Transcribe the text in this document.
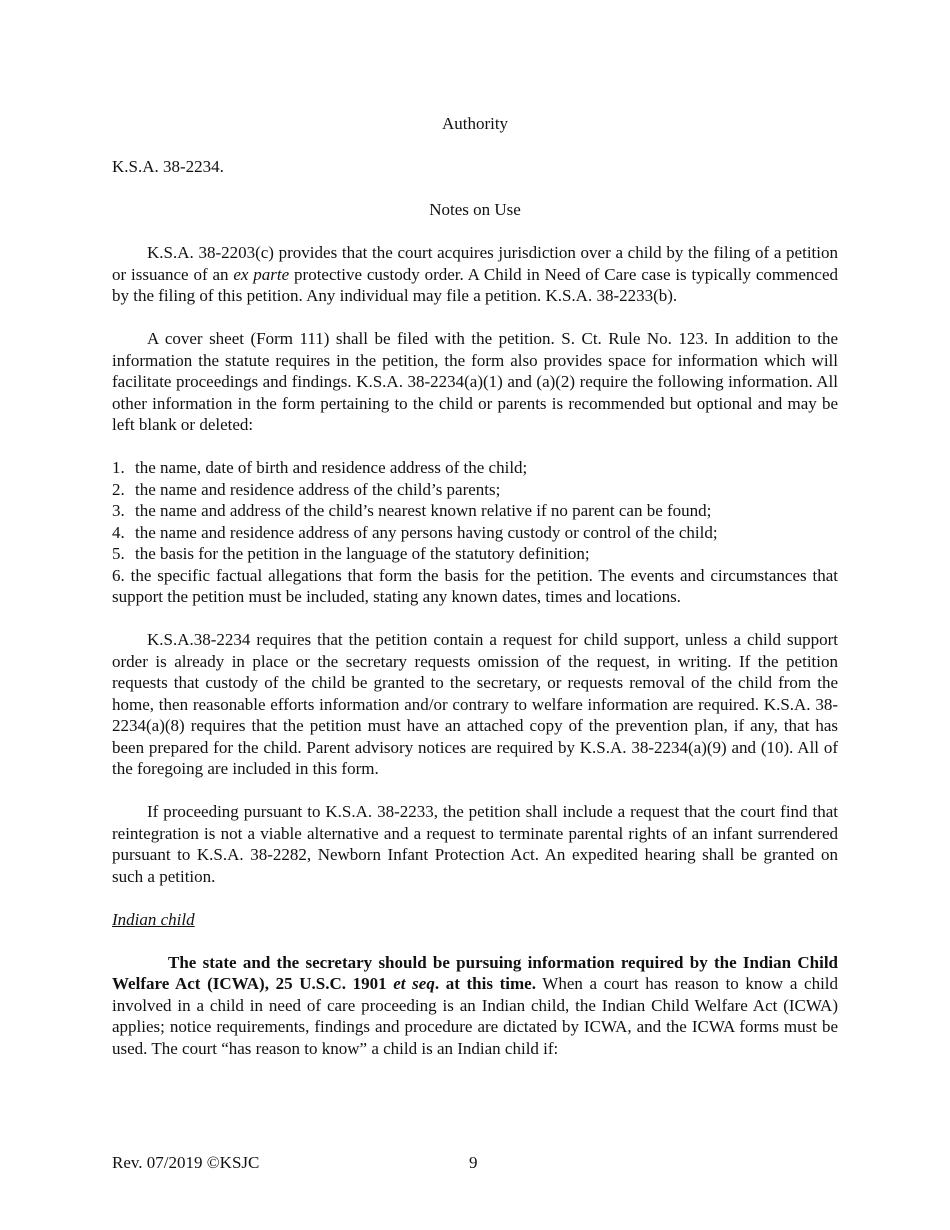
Authority

K.S.A. 38-2234.

Notes on Use

K.S.A. 38-2203(c) provides that the court acquires jurisdiction over a child by the filing of a petition or issuance of an ex parte protective custody order. A Child in Need of Care case is typically commenced by the filing of this petition. Any individual may file a petition. K.S.A. 38-2233(b).

A cover sheet (Form 111) shall be filed with the petition. S. Ct. Rule No. 123. In addition to the information the statute requires in the petition, the form also provides space for information which will facilitate proceedings and findings. K.S.A. 38-2234(a)(1) and (a)(2) require the following information. All other information in the form pertaining to the child or parents is recommended but optional and may be left blank or deleted:

1. the name, date of birth and residence address of the child;
2. the name and residence address of the child’s parents;
3. the name and address of the child’s nearest known relative if no parent can be found;
4. the name and residence address of any persons having custody or control of the child;
5. the basis for the petition in the language of the statutory definition;

6. the specific factual allegations that form the basis for the petition. The events and circumstances that support the petition must be included, stating any known dates, times and locations.

K.S.A.38-2234 requires that the petition contain a request for child support, unless a child support order is already in place or the secretary requests omission of the request, in writing. If the petition requests that custody of the child be granted to the secretary, or requests removal of the child from the home, then reasonable efforts information and/or contrary to welfare information are required. K.S.A. 38-2234(a)(8) requires that the petition must have an attached copy of the prevention plan, if any, that has been prepared for the child. Parent advisory notices are required by K.S.A. 38-2234(a)(9) and (10). All of the foregoing are included in this form.

If proceeding pursuant to K.S.A. 38-2233, the petition shall include a request that the court find that reintegration is not a viable alternative and a request to terminate parental rights of an infant surrendered pursuant to K.S.A. 38-2282, Newborn Infant Protection Act. An expedited hearing shall be granted on such a petition.

Indian child

The state and the secretary should be pursuing information required by the Indian Child Welfare Act (ICWA), 25 U.S.C. 1901 et seq. at this time. When a court has reason to know a child involved in a child in need of care proceeding is an Indian child, the Indian Child Welfare Act (ICWA) applies; notice requirements, findings and procedure are dictated by ICWA, and the ICWA forms must be used. The court “has reason to know” a child is an Indian child if:

Rev. 07/2019 ©KSJC	9
